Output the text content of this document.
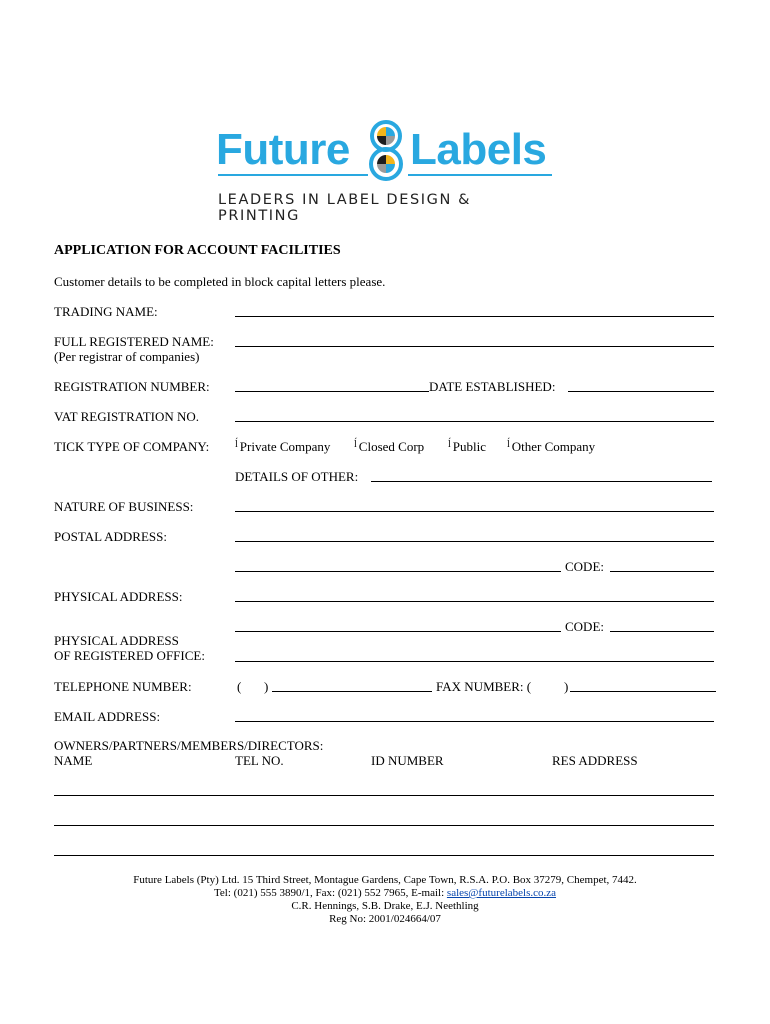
Future Labels
LEADERS IN LABEL DESIGN & PRINTING
APPLICATION FOR ACCOUNT FACILITIES
Customer details to be completed in block capital letters please.
TRADING NAME:
FULL REGISTERED NAME:
(Per registrar of companies)
REGISTRATION NUMBER:	DATE ESTABLISHED:
VAT REGISTRATION NO.
TICK TYPE OF COMPANY:	$^ĺ$ Private Company $^ĺ$ Closed Corp $^ĺ$ Public $^ĺ$ Other Company
DETAILS OF OTHER:
NATURE OF BUSINESS:
POSTAL ADDRESS:
CODE:
PHYSICAL ADDRESS:
CODE:
PHYSICAL ADDRESS
OF REGISTERED OFFICE:
TELEPHONE NUMBER:	( )	FAX NUMBER: (	)
EMAIL ADDRESS:
OWNERS/PARTNERS/MEMBERS/DIRECTORS:
NAME	TEL NO.	ID NUMBER	RES ADDRESS
Future Labels (Pty) Ltd. 15 Third Street, Montague Gardens, Cape Town, R.S.A. P.O. Box 37279, Chempet, 7442.
Tel: (021) 555 3890/1, Fax: (021) 552 7965, E-mail: sales@futurelabels.co.za
C.R. Hennings, S.B. Drake, E.J. Neethling
Reg No: 2001/024664/07
